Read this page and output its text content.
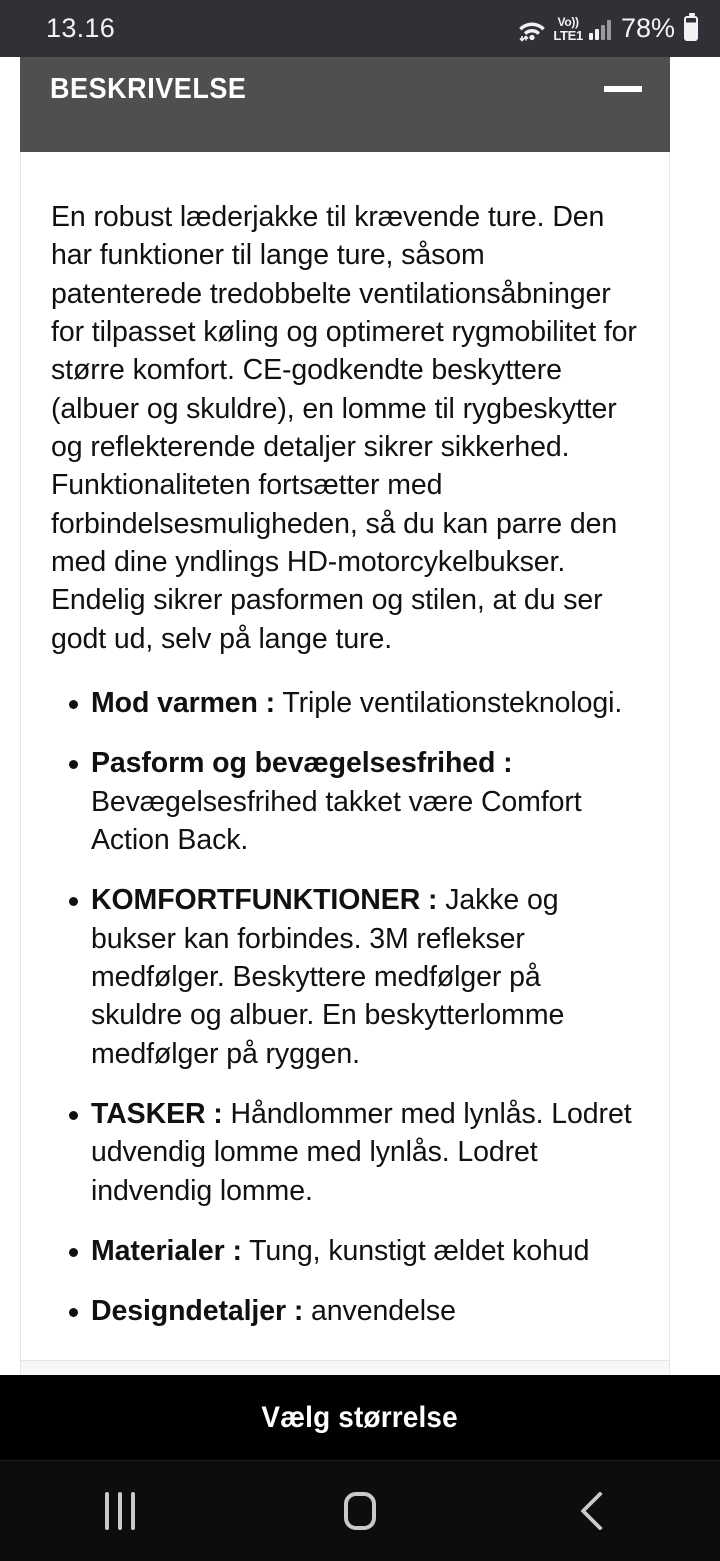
13.16	Vo))
LTE1 78%
BESKRIVELSE

En robust læderjakke til krævende ture. Den har funktioner til lange ture, såsom patenterede tredobbelte ventilationsåbninger for tilpasset køling og optimeret rygmobilitet for større komfort. CE-godkendte beskyttere (albuer og skuldre), en lomme til rygbeskytter og reflekterende detaljer sikrer sikkerhed. Funktionaliteten fortsætter med forbindelsesmuligheden, så du kan parre den med dine yndlings HD-motorcykelbukser. Endelig sikrer pasformen og stilen, at du ser godt ud, selv på lange ture.

Mod varmen : Triple ventilationsteknologi.
Pasform og bevægelsesfrihed : Bevægelsesfrihed takket være Comfort Action Back.
KOMFORTFUNKTIONER : Jakke og bukser kan forbindes. 3M reflekser medfølger. Beskyttere medfølger på skuldre og albuer. En beskytterlomme medfølger på ryggen.
TASKER : Håndlommer med lynlås. Lodret udvendig lomme med lynlås. Lodret indvendig lomme.
Materialer : Tung, kunstigt ældet kohud
Designdetaljer : anvendelse
Vælg størrelse
